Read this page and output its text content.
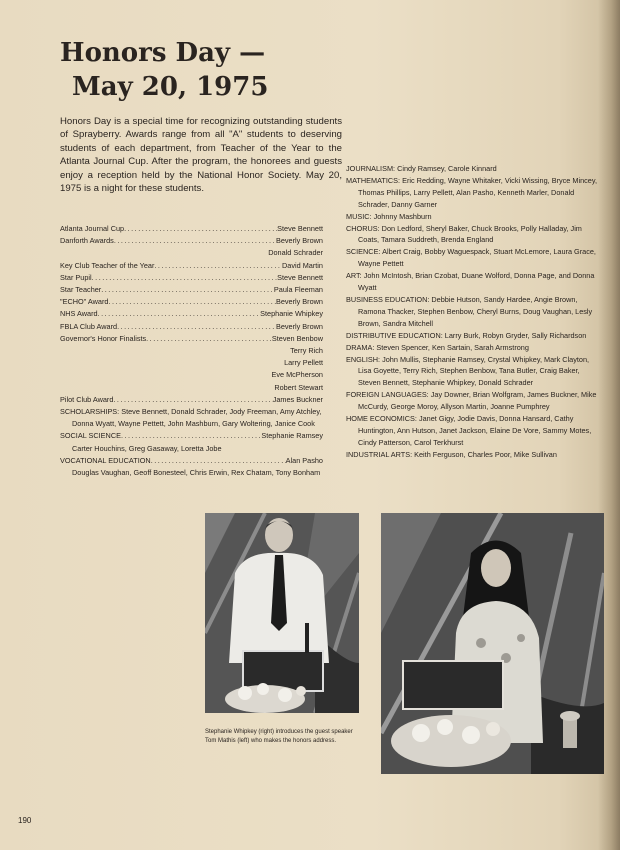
Honors Day —
May 20, 1975

Honors Day is a special time for recognizing outstanding students of Sprayberry. Awards range from all "A" students to deserving students of each department, from Teacher of the Year to the Atlanta Journal Cup. After the program, the honorees and guests enjoy a reception held by the National Honor Society. May 20, 1975 is a night for these students.

Atlanta Journal Cup .....	Steve Bennett
Danforth Awards .....	Beverly Brown
Donald Schrader
Key Club Teacher of the Year .....	David Martin
Star Pupil .....	Steve Bennett
Star Teacher .....	Paula Fleeman
"ECHO" Award .....	Beverly Brown
NHS Award .....	Stephanie Whipkey
FBLA Club Award .....	Beverly Brown
Governor's Honor Finalists .....	Steven Benbow
Terry Rich
Larry Pellett
Eve McPherson
Robert Stewart
Pilot Club Award .....	James Buckner
SCHOLARSHIPS: Steve Bennett, Donald Schrader, Jody Freeman, Amy Atchley, Donna Wyatt, Wayne Pettett, John Mashburn, Gary Woltering, Janice Cook
SOCIAL SCIENCE .....	Stephanie Ramsey
Carter Houchins, Greg Gasaway, Loretta Jobe
VOCATIONAL EDUCATION .....	Alan Pasho
Douglas Vaughan, Geoff Bonesteel, Chris Erwin, Rex Chatam, Tony Bonham

JOURNALISM: Cindy Ramsey, Carole Kinnard

MATHEMATICS: Eric Redding, Wayne Whitaker, Vicki Wissing, Bryce Mincey, Thomas Phillips, Larry Pellett, Alan Pasho, Kenneth Marler, Donald Schrader, Danny Garner

MUSIC: Johnny Mashburn

CHORUS: Don Ledford, Sheryl Baker, Chuck Brooks, Polly Halladay, Jim Coats, Tamara Suddreth, Brenda England

SCIENCE: Albert Craig, Bobby Waguespack, Stuart McLemore, Laura Grace, Wayne Pettett

ART: John McIntosh, Brian Czobat, Duane Wolford, Donna Page, and Donna Wyatt

BUSINESS EDUCATION: Debbie Hutson, Sandy Hardee, Angie Brown, Ramona Thacker, Stephen Benbow, Cheryl Burns, Doug Vaughan, Lesly Brown, Sandra Mitchell

DISTRIBUTIVE EDUCATION: Larry Burk, Robyn Gryder, Sally Richardson

DRAMA: Steven Spencer, Ken Sartain, Sarah Armstrong

ENGLISH: John Mullis, Stephanie Ramsey, Crystal Whipkey, Mark Clayton, Lisa Goyette, Terry Rich, Stephen Benbow, Tana Butler, Craig Baker, Steven Bennett, Stephanie Whipkey, Donald Schrader

FOREIGN LANGUAGES: Jay Downer, Brian Wolfgram, James Buckner, Mike McCurdy, George Moroy, Allyson Martin, Joanne Pumphrey

HOME ECONOMICS: Janet Gigy, Jodie Davis, Donna Hansard, Cathy Huntington, Ann Hutson, Janet Jackson, Elaine De Vore, Sammy Motes, Cindy Patterson, Carol Terkhurst

INDUSTRIAL ARTS: Keith Ferguson, Charles Poor, Mike Sullivan

Stephanie Whipkey (right) introduces the guest speaker Tom Mathis (left) who makes the honors address.

190
